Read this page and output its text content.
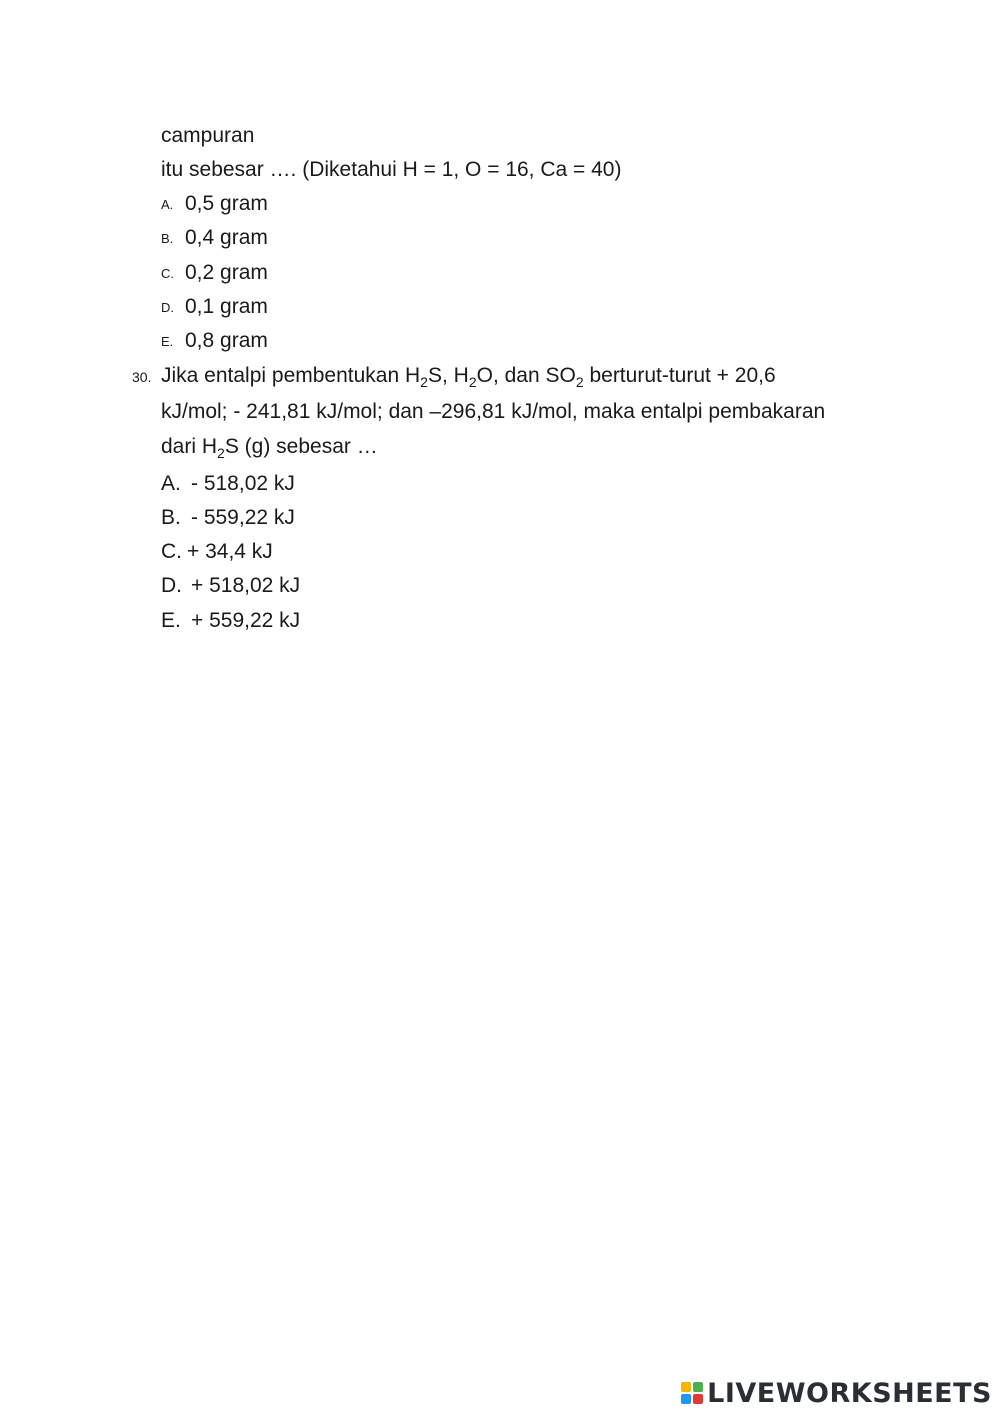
campuran
itu sebesar …. (Diketahui H = 1, O = 16, Ca = 40)
A. 0,5 gram
B. 0,4 gram
C. 0,2 gram
D. 0,1 gram
E. 0,8 gram
30. Jika entalpi pembentukan $H_2S$, $H_2O$, dan $SO_2$ berturut-turut + 20,6
kJ/mol; - 241,81 kJ/mol; dan –296,81 kJ/mol, maka entalpi pembakaran
dari $H_2S$ (g) sebesar …
A. - 518,02 kJ
B. - 559,22 kJ
C. + 34,4 kJ
D. + 518,02 kJ
E. + 559,22 kJ
LIVEWORKSHEETS
